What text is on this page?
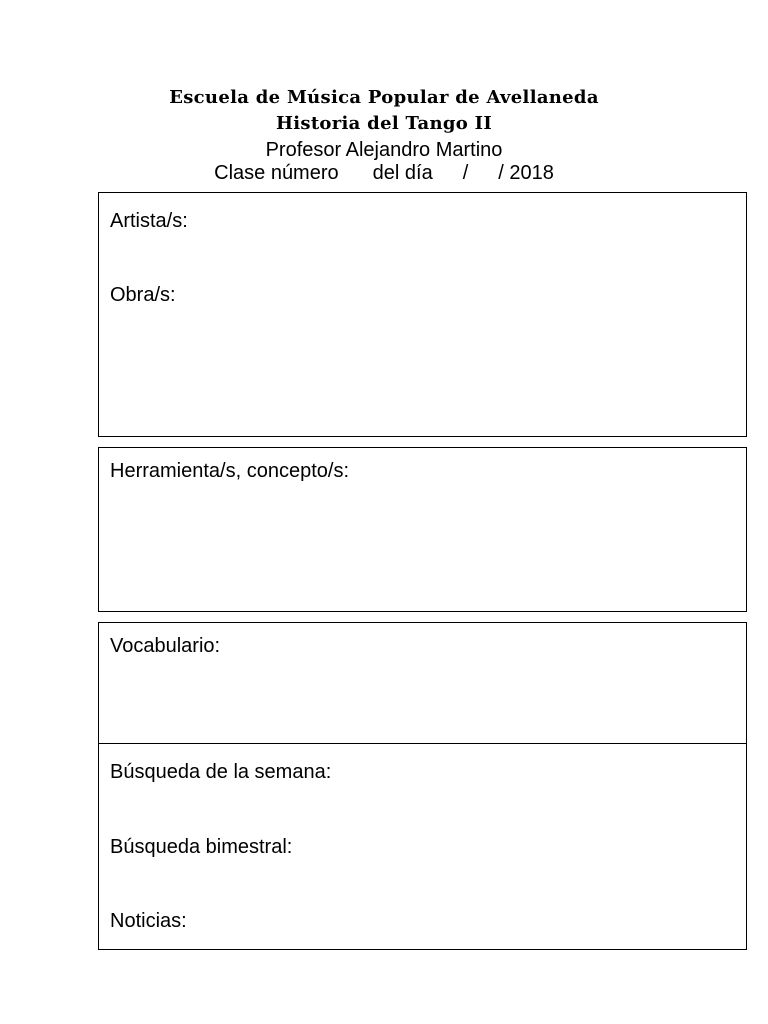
Escuela de Música Popular de Avellaneda

Historia del Tango II

Profesor Alejandro Martino

Clase número del día / / 2018

Artista/s:
Obra/s:
Herramienta/s, concepto/s:
Vocabulario:
Búsqueda de la semana:
Búsqueda bimestral:
Noticias:
